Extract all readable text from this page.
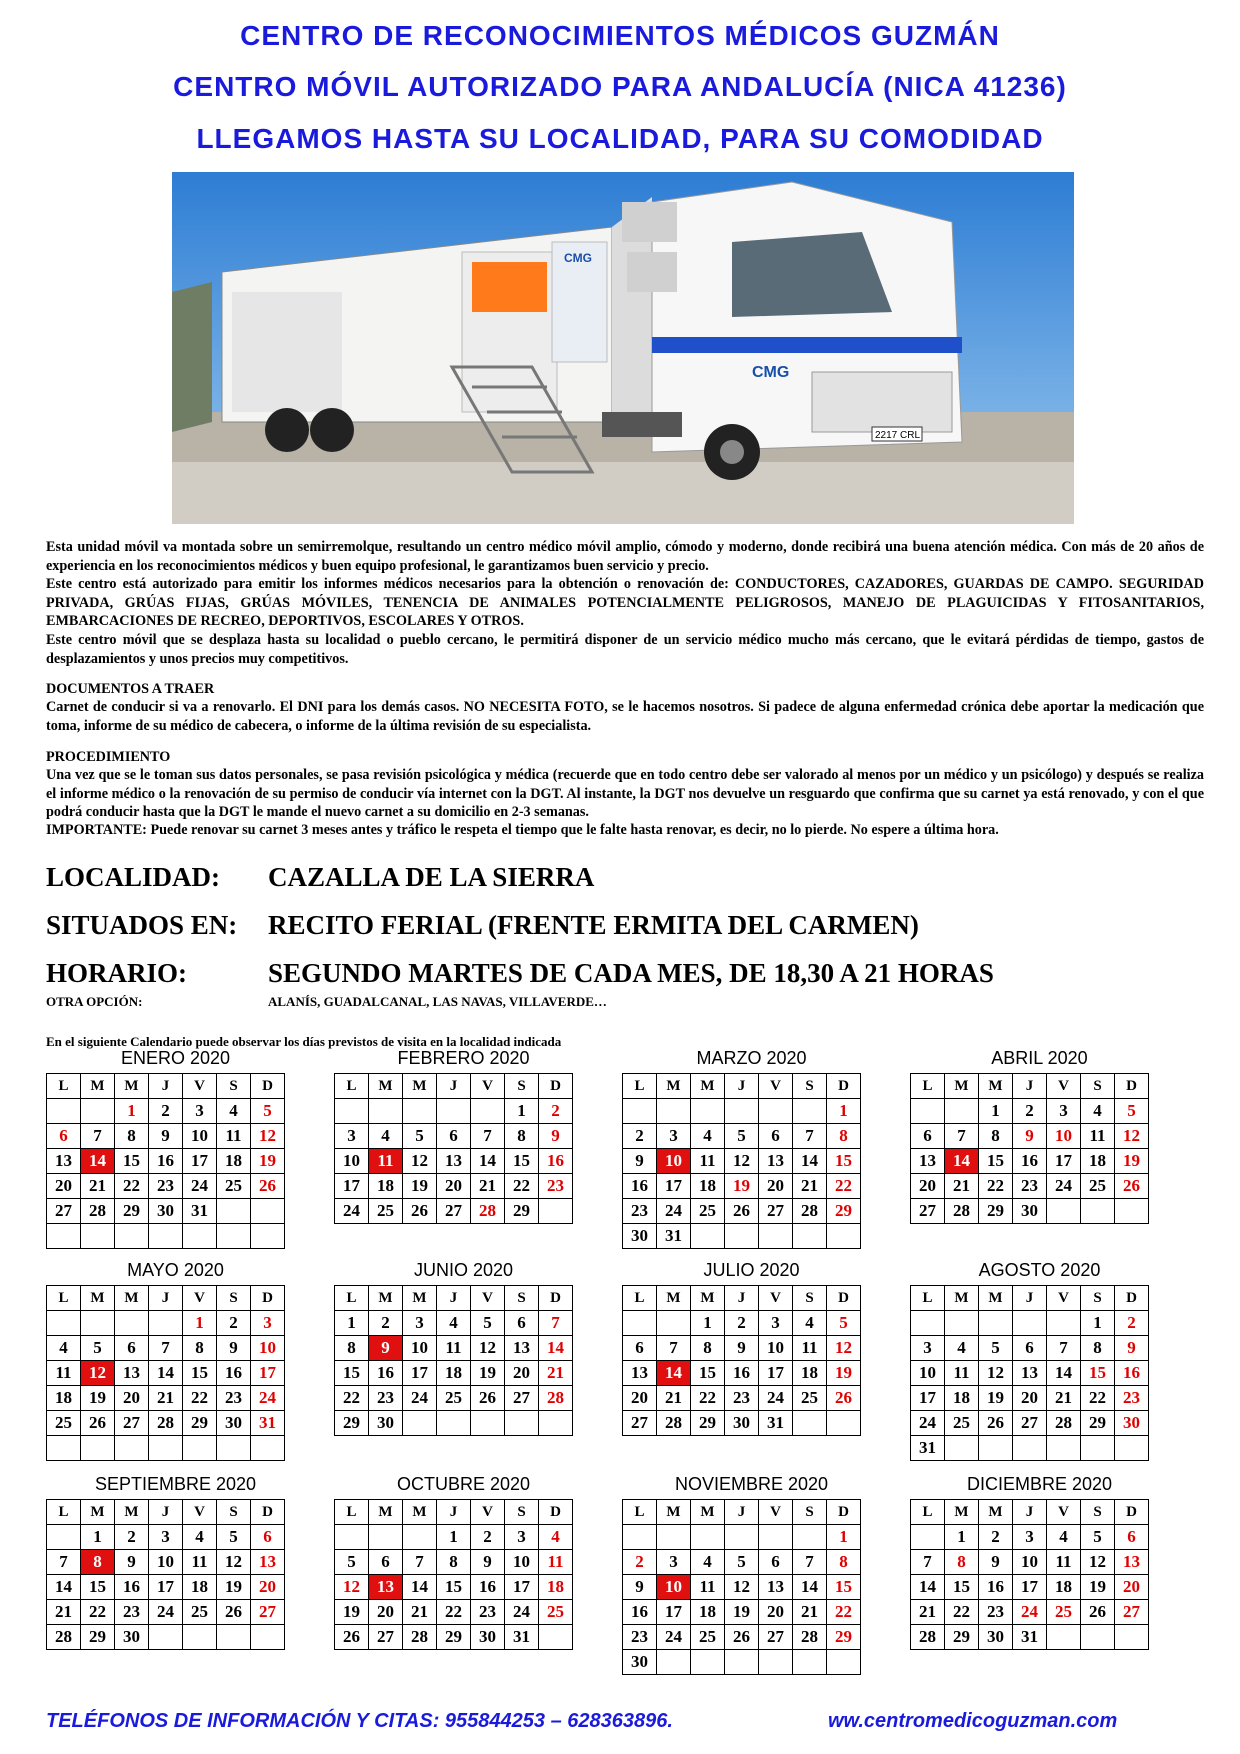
CENTRO DE RECONOCIMIENTOS MÉDICOS GUZMÁN
CENTRO MÓVIL AUTORIZADO PARA ANDALUCÍA (NICA 41236)
LLEGAMOS HASTA SU LOCALIDAD, PARA SU COMODIDAD
CMG
CMG
2217 CRL

Esta unidad móvil va montada sobre un semirremolque, resultando un centro médico móvil amplio, cómodo y moderno, donde recibirá una buena atención médica. Con más de 20 años de experiencia en los reconocimientos médicos y buen equipo profesional, le garantizamos buen servicio y precio.

Este centro está autorizado para emitir los informes médicos necesarios para la obtención o renovación de: CONDUCTORES, CAZADORES, GUARDAS DE CAMPO. SEGURIDAD PRIVADA, GRÚAS FIJAS, GRÚAS MÓVILES, TENENCIA DE ANIMALES POTENCIALMENTE PELIGROSOS, MANEJO DE PLAGUICIDAS Y FITOSANITARIOS, EMBARCACIONES DE RECREO, DEPORTIVOS, ESCOLARES Y OTROS.

Este centro móvil que se desplaza hasta su localidad o pueblo cercano, le permitirá disponer de un servicio médico mucho más cercano, que le evitará pérdidas de tiempo, gastos de desplazamientos y unos precios muy competitivos.

DOCUMENTOS A TRAER

Carnet de conducir si va a renovarlo. El DNI para los demás casos. NO NECESITA FOTO, se le hacemos nosotros. Si padece de alguna enfermedad crónica debe aportar la medicación que toma, informe de su médico de cabecera, o informe de la última revisión de su especialista.

PROCEDIMIENTO

Una vez que se le toman sus datos personales, se pasa revisión psicológica y médica (recuerde que en todo centro debe ser valorado al menos por un médico y un psicólogo) y después se realiza el informe médico o la renovación de su permiso de conducir vía internet con la DGT. Al instante, la DGT nos devuelve un resguardo que confirma que su carnet ya está renovado, y con el que podrá conducir hasta que la DGT le mande el nuevo carnet a su domicilio en 2-3 semanas.

IMPORTANTE: Puede renovar su carnet 3 meses antes y tráfico le respeta el tiempo que le falte hasta renovar, es decir, no lo pierde. No espere a última hora.

LOCALIDAD: CAZALLA DE LA SIERRA
SITUADOS EN: RECITO FERIAL (FRENTE ERMITA DEL CARMEN)
HORARIO:	SEGUNDO MARTES DE CADA MES, DE 18,30 A 21 HORAS
OTRA OPCIÓN:	ALANÍS, GUADALCANAL, LAS NAVAS, VILLAVERDE…
En el siguiente Calendario puede observar los días previstos de visita en la localidad indicada
ENERO 2020
L	M	M	J	V	S	D
		1	2	3	4	5
6	7	8	9	10	11	12
13	14	15	16	17	18	19
20	21	22	23	24	25	26
27	28	29	30	31		

FEBRERO 2020
L	M	M	J	V	S	D
					1	2
3	4	5	6	7	8	9
10	11	12	13	14	15	16
17	18	19	20	21	22	23
24	25	26	27	28	29	
MARZO 2020
L	M	M	J	V	S	D
						1
2	3	4	5	6	7	8
9	10	11	12	13	14	15
16	17	18	19	20	21	22
23	24	25	26	27	28	29
30	31					
ABRIL 2020
L	M	M	J	V	S	D
		1	2	3	4	5
6	7	8	9	10	11	12
13	14	15	16	17	18	19
20	21	22	23	24	25	26
27	28	29	30			
MAYO 2020
L	M	M	J	V	S	D
				1	2	3
4	5	6	7	8	9	10
11	12	13	14	15	16	17
18	19	20	21	22	23	24
25	26	27	28	29	30	31

JUNIO 2020
L	M	M	J	V	S	D
1	2	3	4	5	6	7
8	9	10	11	12	13	14
15	16	17	18	19	20	21
22	23	24	25	26	27	28
29	30					
JULIO 2020
L	M	M	J	V	S	D
		1	2	3	4	5
6	7	8	9	10	11	12
13	14	15	16	17	18	19
20	21	22	23	24	25	26
27	28	29	30	31		
AGOSTO 2020
L	M	M	J	V	S	D
					1	2
3	4	5	6	7	8	9
10	11	12	13	14	15	16
17	18	19	20	21	22	23
24	25	26	27	28	29	30
31						
SEPTIEMBRE 2020
L	M	M	J	V	S	D
	1	2	3	4	5	6
7	8	9	10	11	12	13
14	15	16	17	18	19	20
21	22	23	24	25	26	27
28	29	30				
OCTUBRE 2020
L	M	M	J	V	S	D
			1	2	3	4
5	6	7	8	9	10	11
12	13	14	15	16	17	18
19	20	21	22	23	24	25
26	27	28	29	30	31	
NOVIEMBRE 2020
L	M	M	J	V	S	D
						1
2	3	4	5	6	7	8
9	10	11	12	13	14	15
16	17	18	19	20	21	22
23	24	25	26	27	28	29
30						
DICIEMBRE 2020
L	M	M	J	V	S	D
	1	2	3	4	5	6
7	8	9	10	11	12	13
14	15	16	17	18	19	20
21	22	23	24	25	26	27
28	29	30	31			
TELÉFONOS DE INFORMACIÓN Y CITAS: 955844253 – 628363896.	ww.centromedicoguzman.com
